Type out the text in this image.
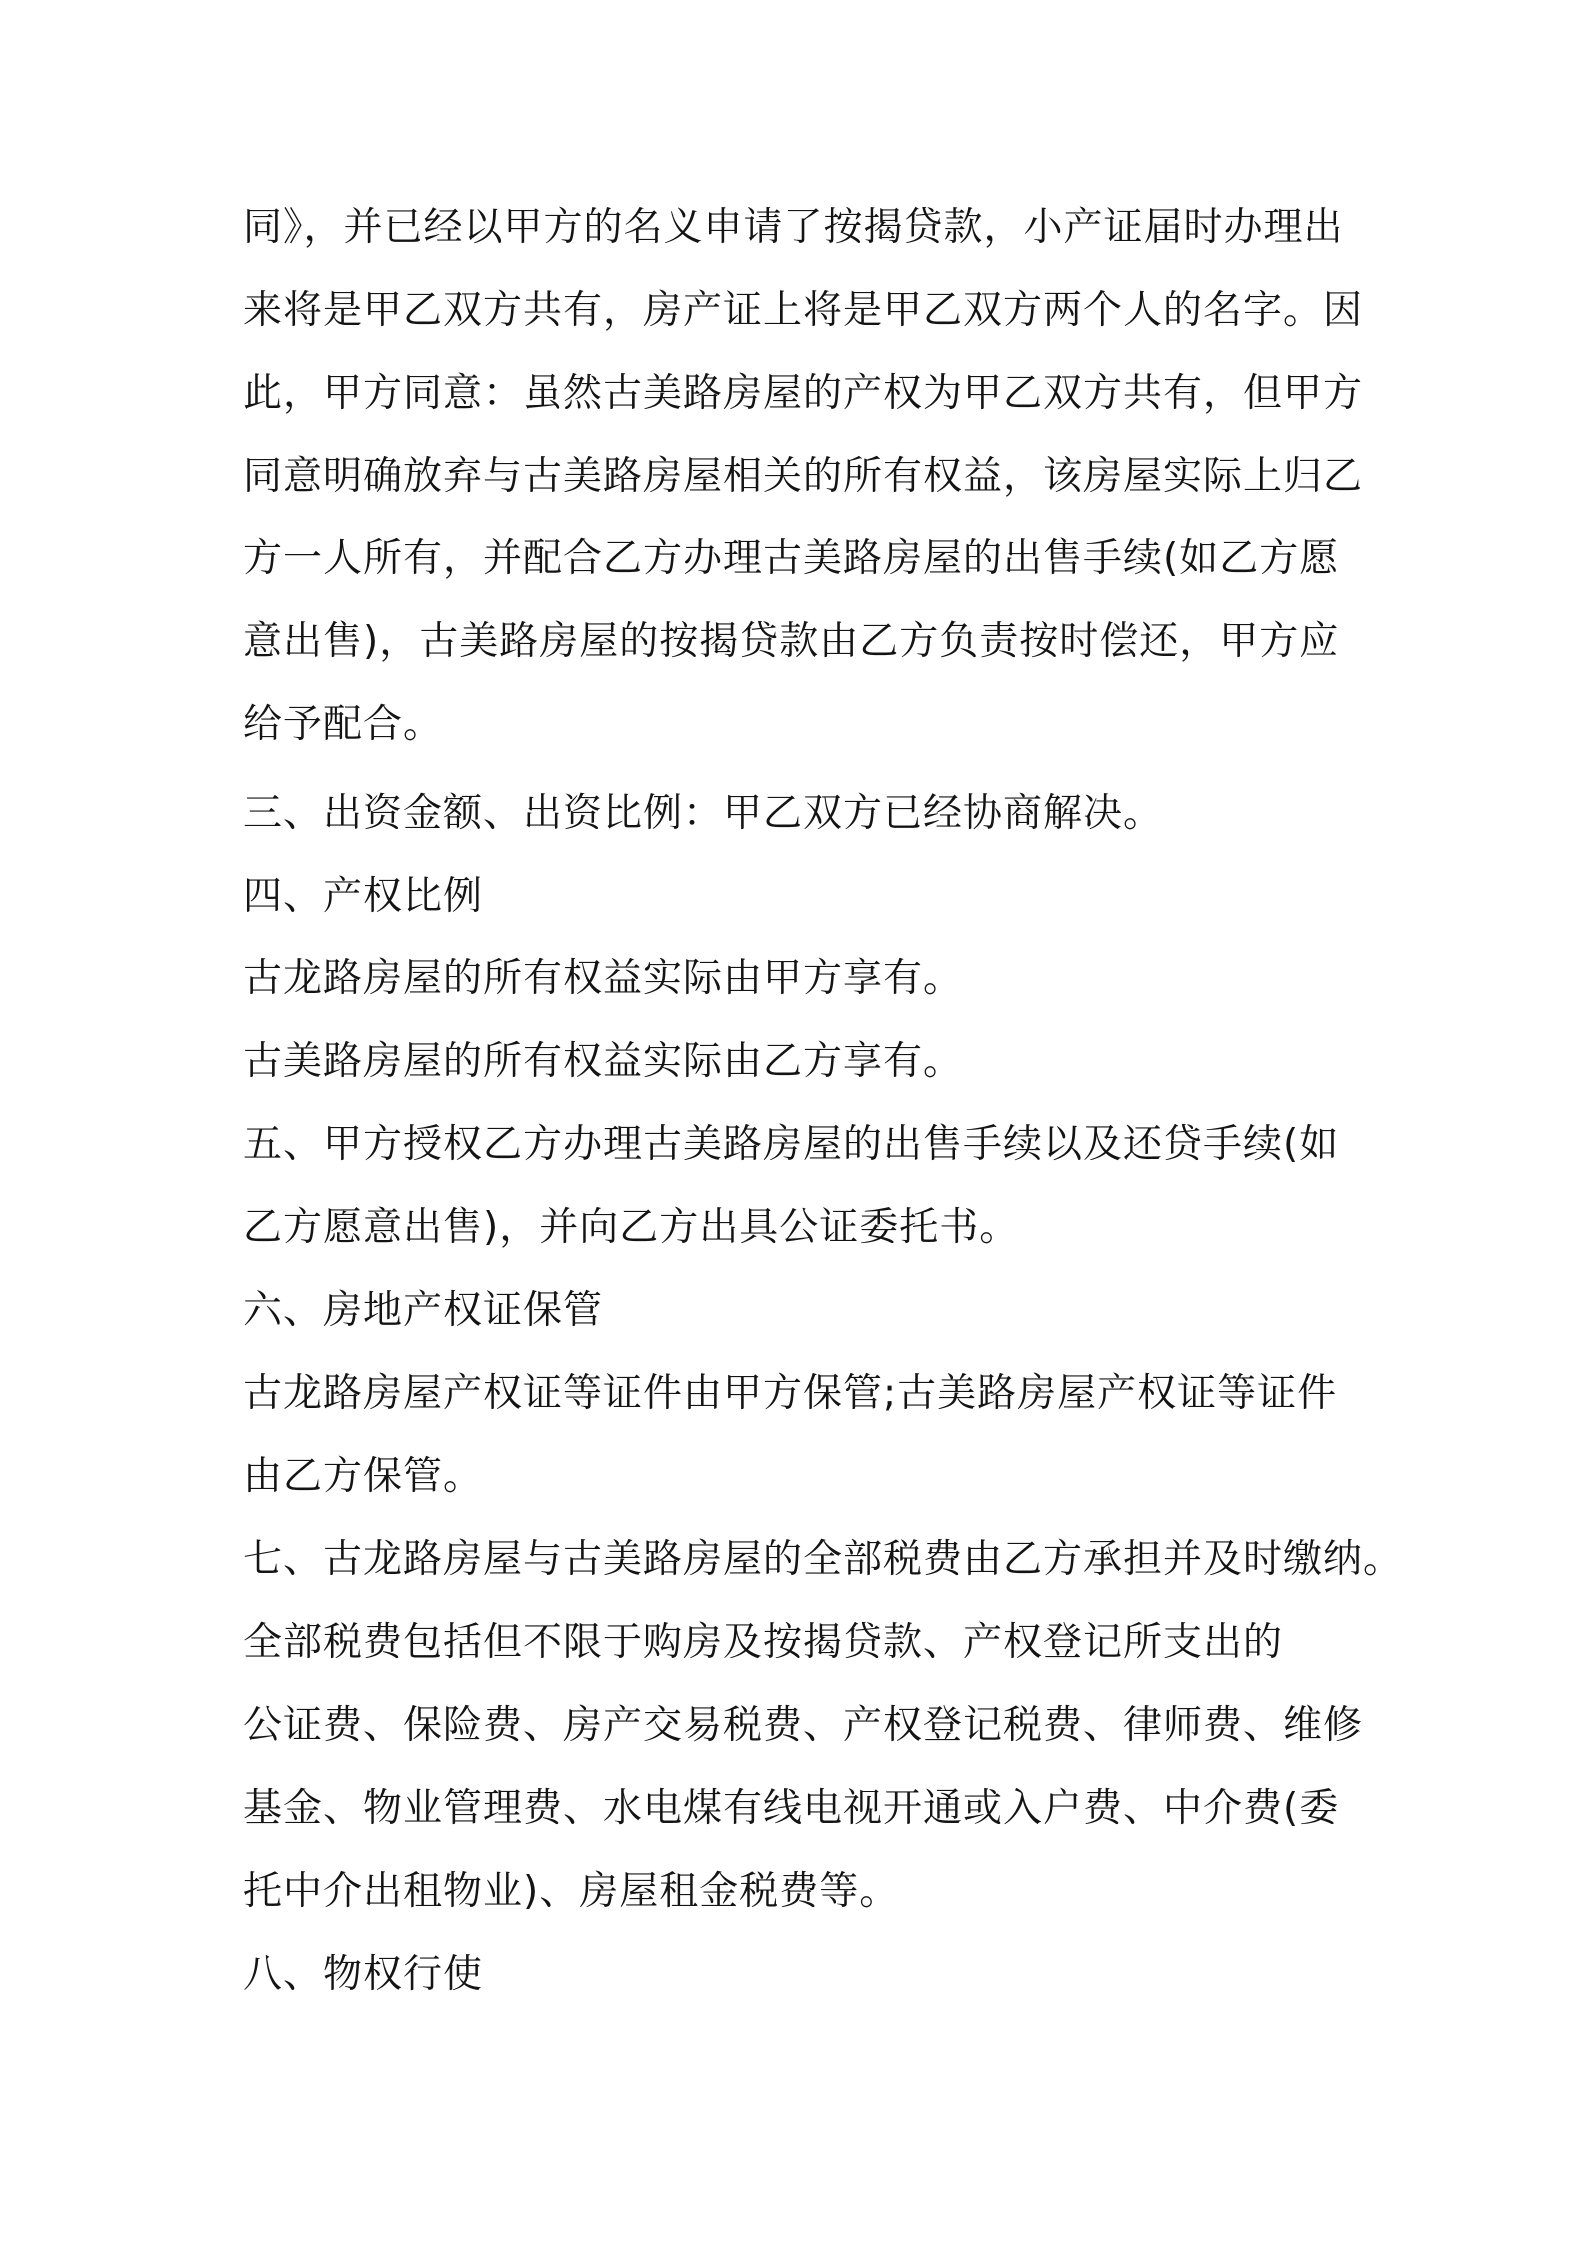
同》，并已经以甲方的名义申请了按揭贷款，小产证届时办理出

来将是甲乙双方共有，房产证上将是甲乙双方两个人的名字。因

此，甲方同意：虽然古美路房屋的产权为甲乙双方共有，但甲方

同意明确放弃与古美路房屋相关的所有权益，该房屋实际上归乙

方一人所有，并配合乙方办理古美路房屋的出售手续(如乙方愿

意出售)，古美路房屋的按揭贷款由乙方负责按时偿还，甲方应

给予配合。

三、出资金额、出资比例：甲乙双方已经协商解决。

四、产权比例

古龙路房屋的所有权益实际由甲方享有。

古美路房屋的所有权益实际由乙方享有。

五、甲方授权乙方办理古美路房屋的出售手续以及还贷手续(如

乙方愿意出售)，并向乙方出具公证委托书。

六、房地产权证保管

古龙路房屋产权证等证件由甲方保管;古美路房屋产权证等证件

由乙方保管。

七、古龙路房屋与古美路房屋的全部税费由乙方承担并及时缴纳。

全部税费包括但不限于购房及按揭贷款、产权登记所支出的

公证费、保险费、房产交易税费、产权登记税费、律师费、维修

基金、物业管理费、水电煤有线电视开通或入户费、中介费(委

托中介出租物业)、房屋租金税费等。

八、物权行使
